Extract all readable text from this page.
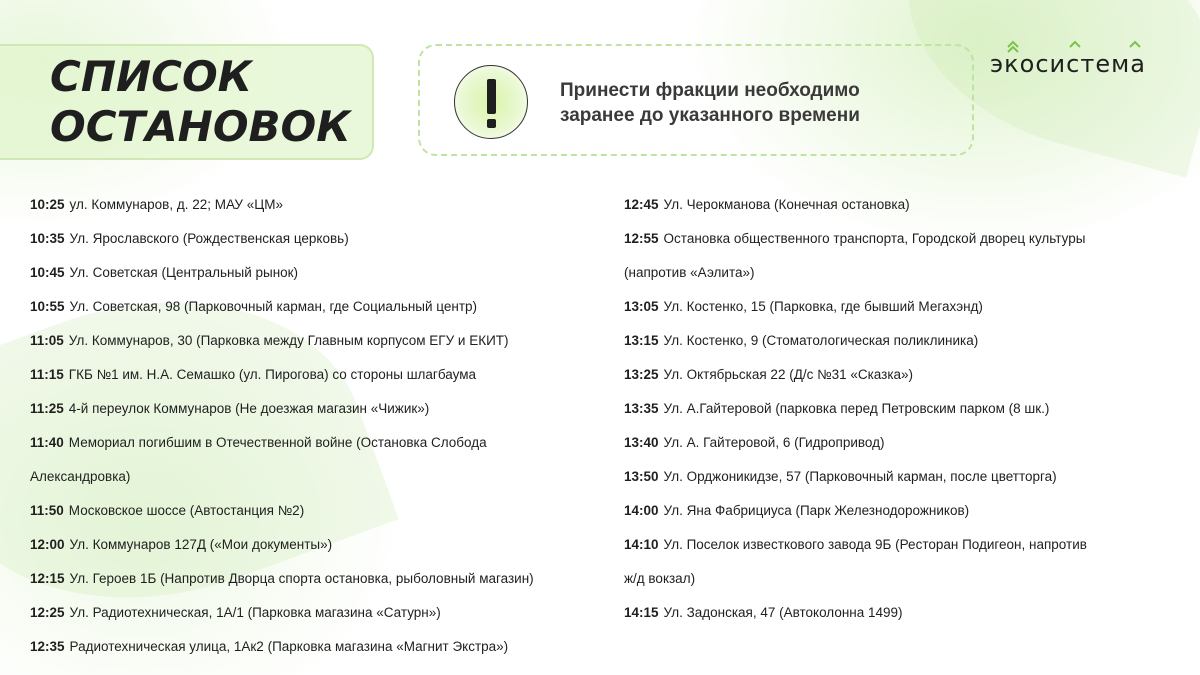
СПИСОК
ОСТАНОВОК
Принести фракции необходимо
заранее до указанного времени
экосистема
10:25 ул. Коммунаров, д. 22; МАУ «ЦМ»
10:35 Ул. Ярославского (Рождественская церковь)
10:45 Ул. Советская (Центральный рынок)
10:55 Ул. Советская, 98 (Парковочный карман, где Социальный центр)
11:05 Ул. Коммунаров, 30 (Парковка между Главным корпусом ЕГУ и ЕКИТ)
11:15 ГКБ №1 им. Н.А. Семашко (ул. Пирогова) со стороны шлагбаума
11:25 4-й переулок Коммунаров (Не доезжая магазин «Чижик»)
11:40 Мемориал погибшим в Отечественной войне (Остановка Слобода
Александровка)
11:50 Московское шоссе (Автостанция №2)
12:00 Ул. Коммунаров 127Д («Мои документы»)
12:15 Ул. Героев 1Б (Напротив Дворца спорта остановка, рыболовный магазин)
12:25 Ул. Радиотехническая, 1А/1 (Парковка магазина «Сатурн»)
12:35 Радиотехническая улица, 1Ак2 (Парковка магазина «Магнит Экстра»)
12:45 Ул. Черокманова (Конечная остановка)
12:55 Остановка общественного транспорта, Городской дворец культуры
(напротив «Аэлита»)
13:05 Ул. Костенко, 15 (Парковка, где бывший Мегахэнд)
13:15 Ул. Костенко, 9 (Стоматологическая поликлиника)
13:25 Ул. Октябрьская 22 (Д/с №31 «Сказка»)
13:35 Ул. А.Гайтеровой (парковка перед Петровским парком (8 шк.)
13:40 Ул. А. Гайтеровой, 6 (Гидропривод)
13:50 Ул. Орджоникидзе, 57 (Парковочный карман, после цветторга)
14:00 Ул. Яна Фабрициуса (Парк Железнодорожников)
14:10 Ул. Поселок известкового завода 9Б (Ресторан Подигеон, напротив
ж/д вокзал)
14:15 Ул. Задонская, 47 (Автоколонна 1499)
